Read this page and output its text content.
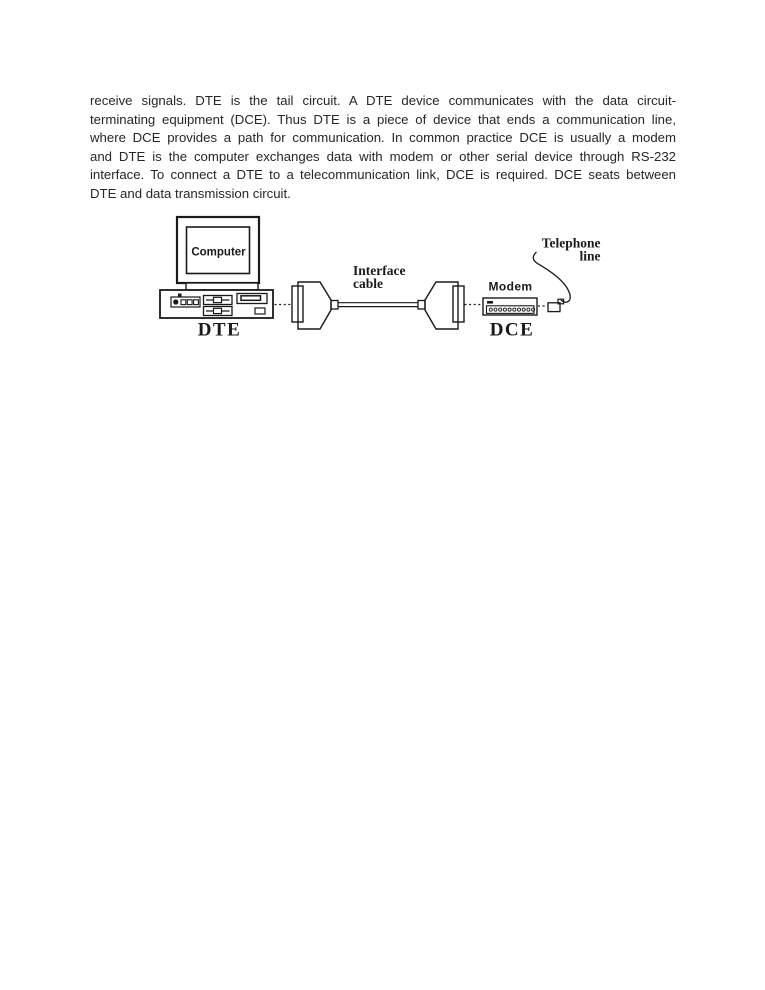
receive signals. DTE is the tail circuit. A DTE device communicates with the data circuit-
terminating equipment (DCE). Thus DTE is a piece of device that ends a communication line,
where DCE provides a path for communication. In common practice DCE is usually a modem
and DTE is the computer exchanges data with modem or other serial device through RS-232
interface. To connect a DTE to a telecommunication link, DCE is required. DCE seats between
DTE and data transmission circuit.
Computer
DTE
Interface
cable	Modem
DCE
Telephone
line
